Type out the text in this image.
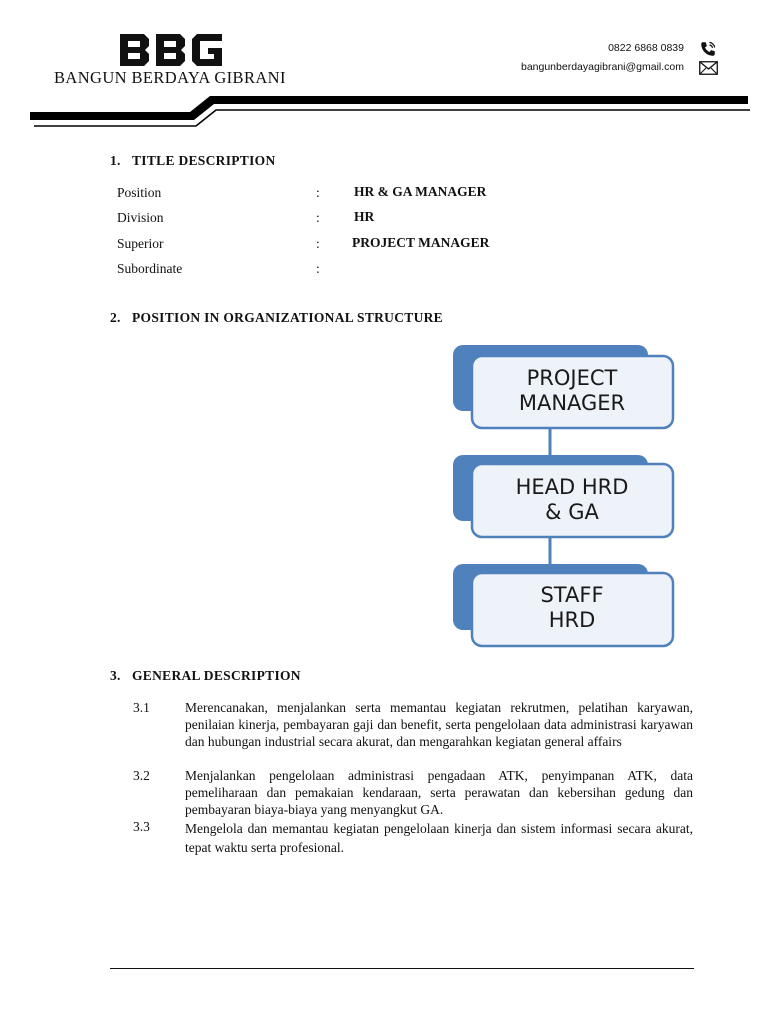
BANGUN BERDAYA GIBRANI
0822 6868 0839
bangunberdayagibrani@gmail.com
1. TITLE DESCRIPTION
Position	:	HR & GA MANAGER
Division	:	HR
Superior	: PROJECT MANAGER
Subordinate	:
2. POSITION IN ORGANIZATIONAL STRUCTURE
PROJECT
MANAGER
HEAD HRD
& GA
STAFF
HRD
3. GENERAL DESCRIPTION
3.1	Merencanakan, menjalankan serta memantau kegiatan rekrutmen, pelatihan karyawan, penilaian kinerja, pembayaran gaji dan benefit, serta pengelolaan data administrasi karyawan dan hubungan industrial secara akurat, dan mengarahkan kegiatan general affairs
3.2	Menjalankan pengelolaan administrasi pengadaan ATK, penyimpanan ATK, data pemeliharaan dan pemakaian kendaraan, serta perawatan dan kebersihan gedung dan pembayaran biaya-biaya yang menyangkut GA.
3.3	Mengelola dan memantau kegiatan pengelolaan kinerja dan sistem informasi secara akurat, tepat waktu serta profesional.
